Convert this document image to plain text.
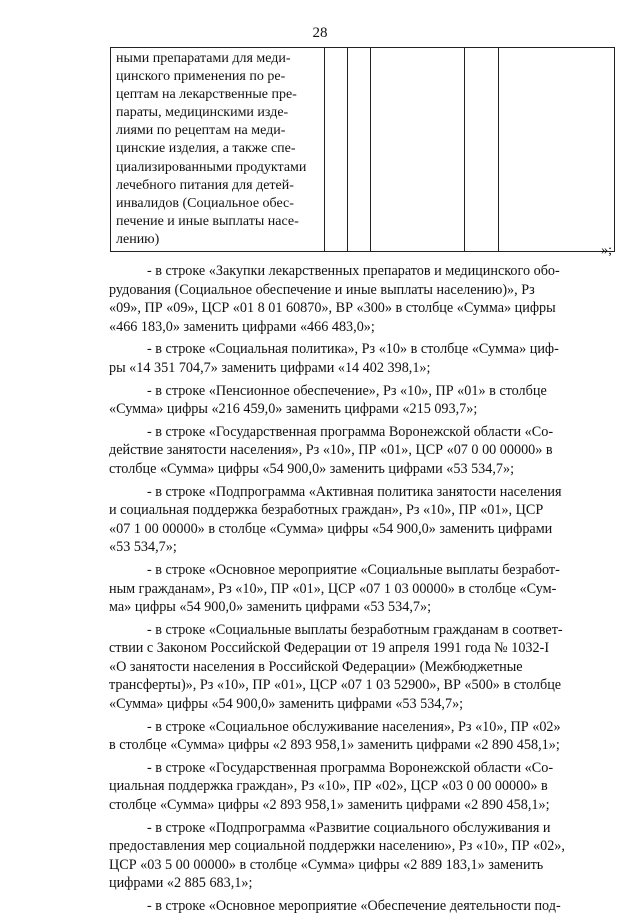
28
ными препаратами для меди-
цинского применения по ре-
цептам на лекарственные пре-
параты, медицинскими изде-
лиями по рецептам на меди-
цинские изделия, а также спе-
циализированными продуктами
лечебного питания для детей-
инвалидов (Социальное обес-
печение и иные выплаты насе-
лению)

»;

- в строке «Закупки лекарственных препаратов и медицинского обо-
рудования (Социальное обеспечение и иные выплаты населению)», Рз
«09», ПР «09», ЦСР «01 8 01 60870», ВР «300» в столбце «Сумма» цифры
«466 183,0» заменить цифрами «466 483,0»;

- в строке «Социальная политика», Рз «10» в столбце «Сумма» циф-
ры «14 351 704,7» заменить цифрами «14 402 398,1»;

- в строке «Пенсионное обеспечение», Рз «10», ПР «01» в столбце
«Сумма» цифры «216 459,0» заменить цифрами «215 093,7»;

- в строке «Государственная программа Воронежской области «Со-
действие занятости населения», Рз «10», ПР «01», ЦСР «07 0 00 00000» в
столбце «Сумма» цифры «54 900,0» заменить цифрами «53 534,7»;

- в строке «Подпрограмма «Активная политика занятости населения
и социальная поддержка безработных граждан», Рз «10», ПР «01», ЦСР
«07 1 00 00000» в столбце «Сумма» цифры «54 900,0» заменить цифрами
«53 534,7»;

- в строке «Основное мероприятие «Социальные выплаты безработ-
ным гражданам», Рз «10», ПР «01», ЦСР «07 1 03 00000» в столбце «Сум-
ма» цифры «54 900,0» заменить цифрами «53 534,7»;

- в строке «Социальные выплаты безработным гражданам в соответ-
ствии с Законом Российской Федерации от 19 апреля 1991 года № 1032-I
«О занятости населения в Российской Федерации» (Межбюджетные
трансферты)», Рз «10», ПР «01», ЦСР «07 1 03 52900», ВР «500» в столбце
«Сумма» цифры «54 900,0» заменить цифрами «53 534,7»;

- в строке «Социальное обслуживание населения», Рз «10», ПР «02»
в столбце «Сумма» цифры «2 893 958,1» заменить цифрами «2 890 458,1»;

- в строке «Государственная программа Воронежской области «Со-
циальная поддержка граждан», Рз «10», ПР «02», ЦСР «03 0 00 00000» в
столбце «Сумма» цифры «2 893 958,1» заменить цифрами «2 890 458,1»;

- в строке «Подпрограмма «Развитие социального обслуживания и
предоставления мер социальной поддержки населению», Рз «10», ПР «02»,
ЦСР «03 5 00 00000» в столбце «Сумма» цифры «2 889 183,1» заменить
цифрами «2 885 683,1»;

- в строке «Основное мероприятие «Обеспечение деятельности под-
